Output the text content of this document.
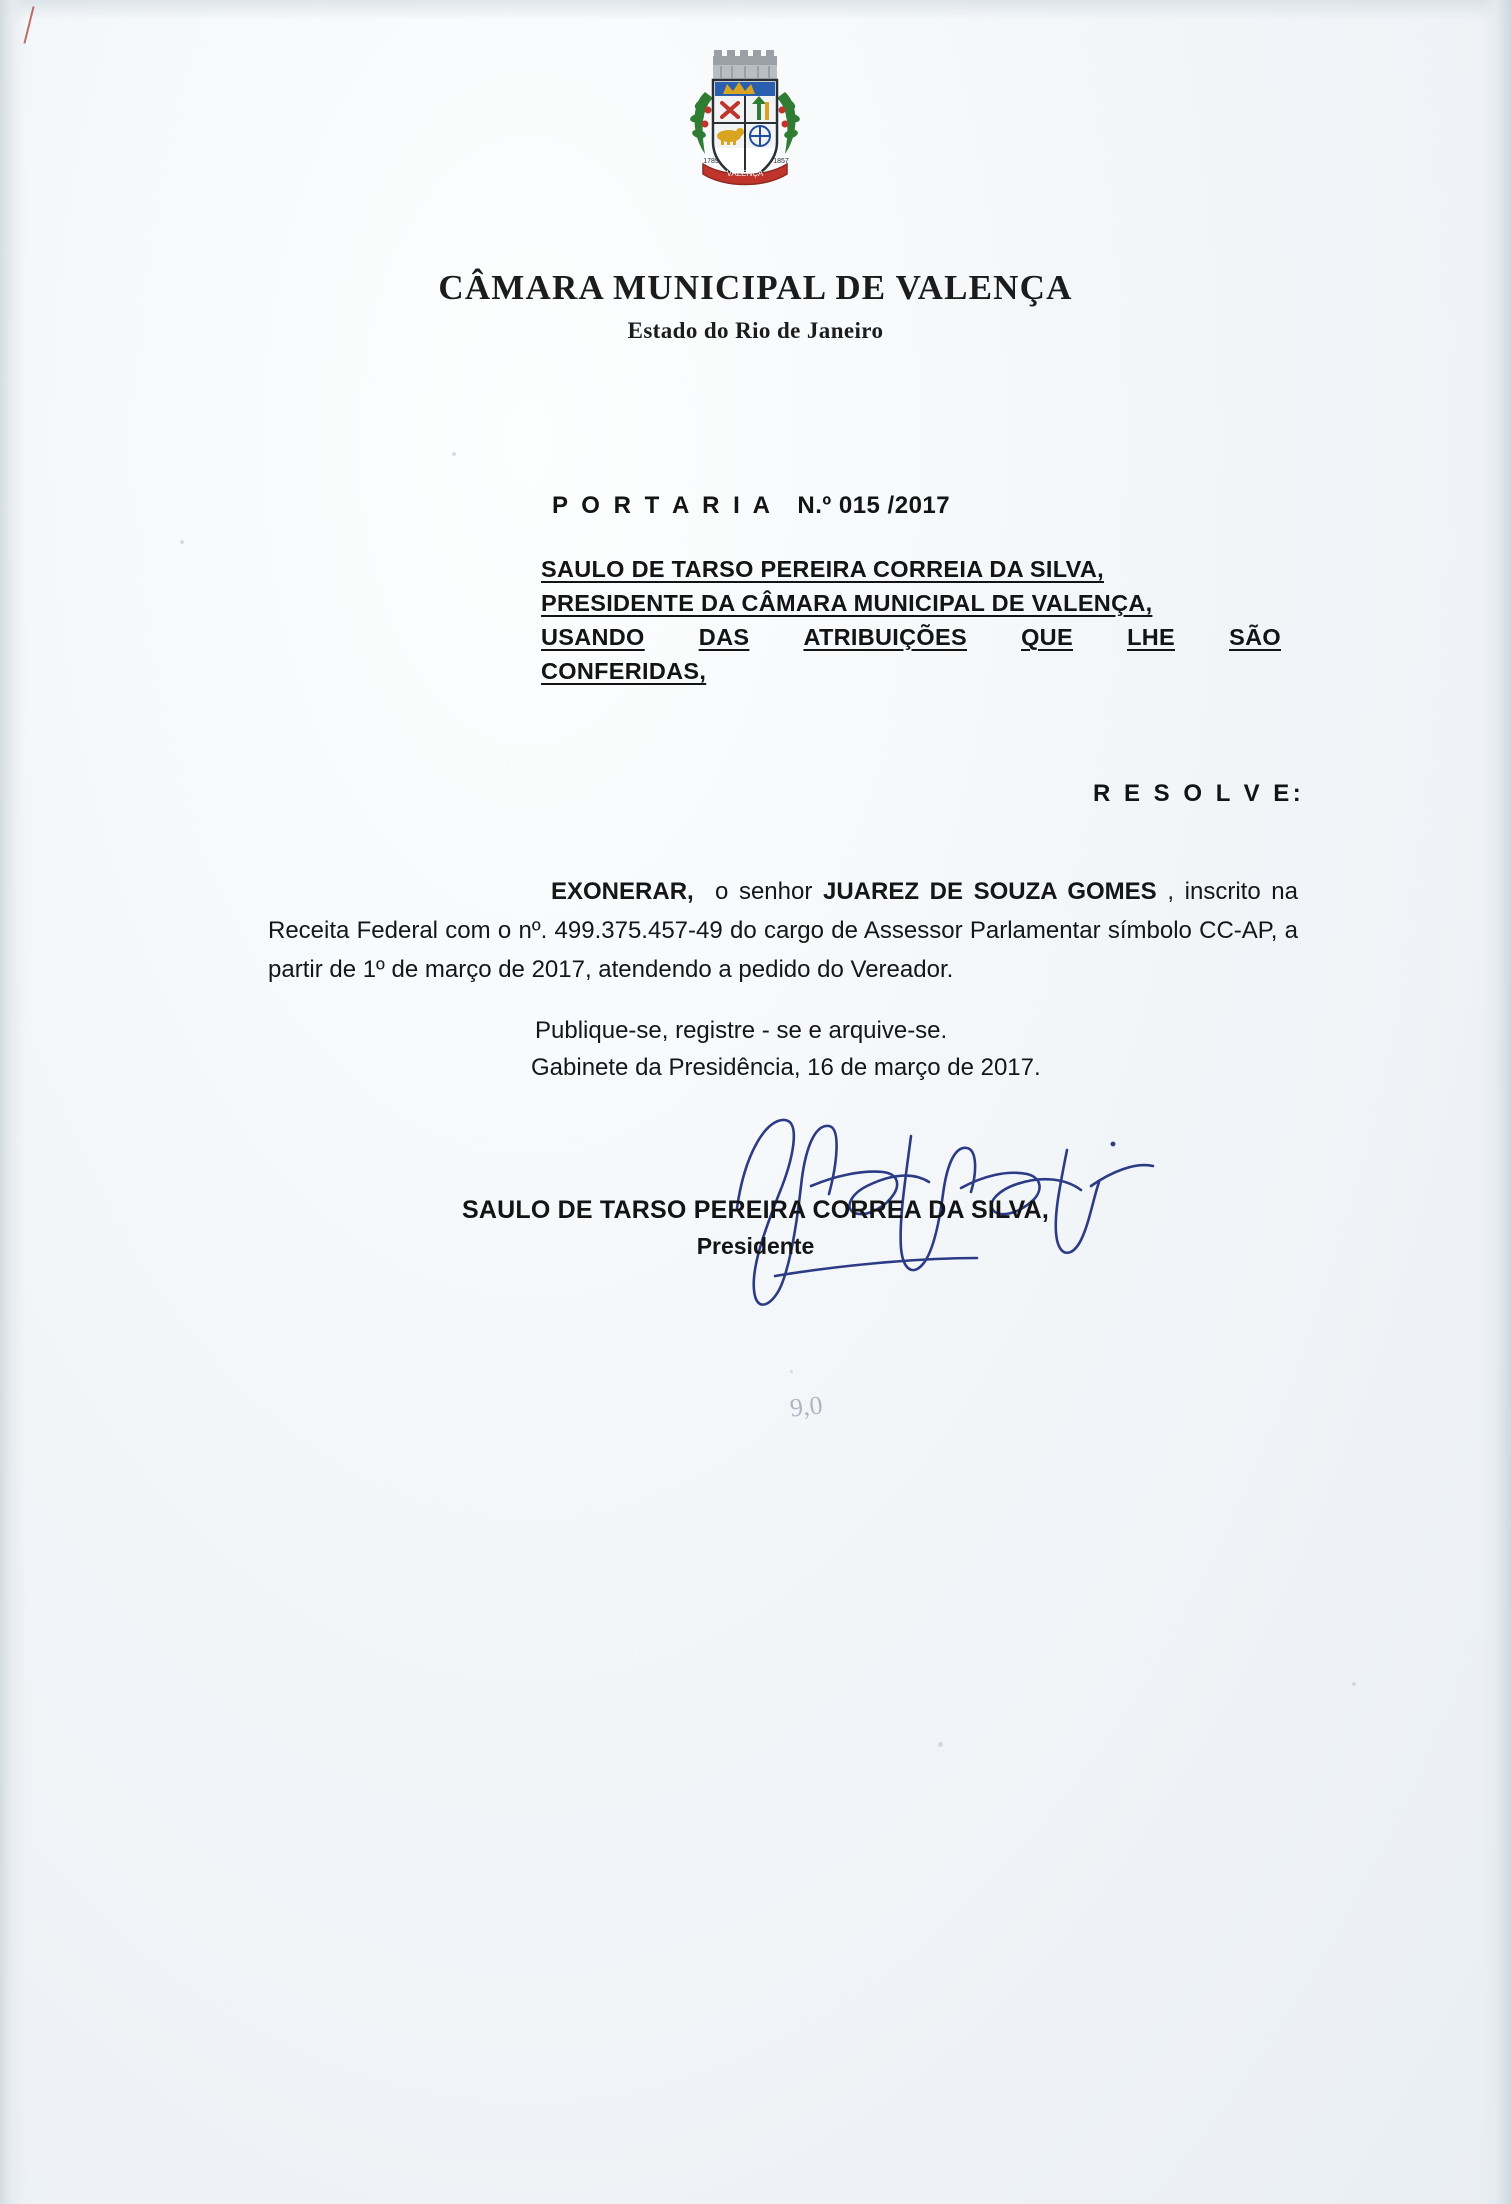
VALENÇA
1789	1857
CÂMARA MUNICIPAL DE VALENÇA
Estado do Rio de Janeiro
P O R T A R I A N.º 015 /2017
SAULO DE TARSO PEREIRA CORREIA DA SILVA,
PRESIDENTE DA CÂMARA MUNICIPAL DE VALENÇA,
USANDO DAS ATRIBUIÇÕES QUE LHE SÃO
CONFERIDAS,
R E S O L V E:
EXONERAR, o senhor JUAREZ DE SOUZA GOMES , inscrito na Receita Federal com o nº. 499.375.457-49 do cargo de Assessor Parlamentar símbolo CC-AP, a partir de 1º de março de 2017, atendendo a pedido do Vereador.
Publique-se, registre - se e arquive-se.
Gabinete da Presidência, 16 de março de 2017.
SAULO DE TARSO PEREIRA CORREA DA SILVA,
Presidente
9,0
